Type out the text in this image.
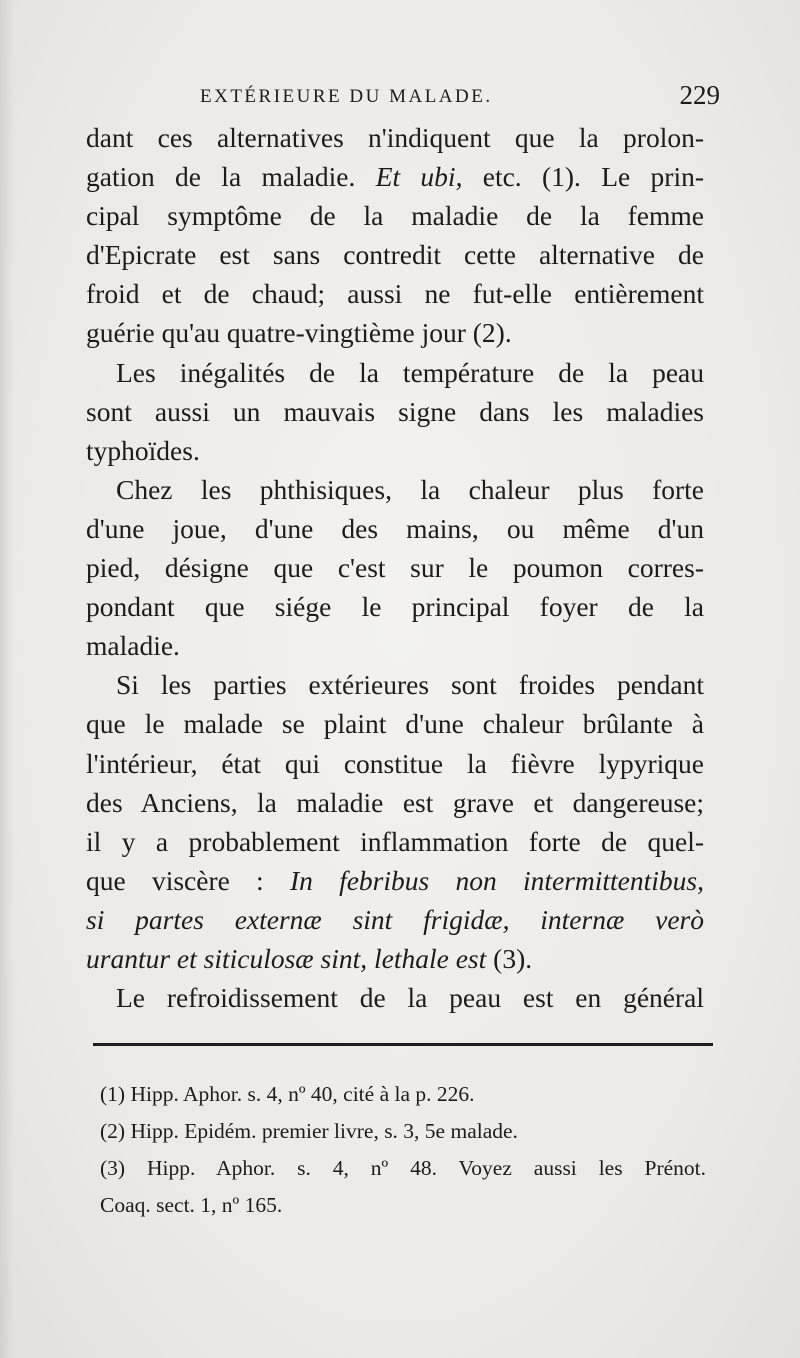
EXTÉRIEURE DU MALADE.	229
dant ces alternatives n'indiquent que la prolon-
gation de la maladie. Et ubi, etc. (1). Le prin-
cipal symptôme de la maladie de la femme
d'Epicrate est sans contredit cette alternative de
froid et de chaud; aussi ne fut-elle entièrement
guérie qu'au quatre-vingtième jour (2).
Les inégalités de la température de la peau
sont aussi un mauvais signe dans les maladies
typhoïdes.
Chez les phthisiques, la chaleur plus forte
d'une joue, d'une des mains, ou même d'un
pied, désigne que c'est sur le poumon corres-
pondant que siége le principal foyer de la
maladie.
Si les parties extérieures sont froides pendant
que le malade se plaint d'une chaleur brûlante à
l'intérieur, état qui constitue la fièvre lypyrique
des Anciens, la maladie est grave et dangereuse;
il y a probablement inflammation forte de quel-
que viscère : In febribus non intermittentibus,
si partes externæ sint frigidæ, internæ verò
urantur et siticulosæ sint, lethale est (3).
Le refroidissement de la peau est en général
(1) Hipp. Aphor. s. 4, nº 40, cité à la p. 226.
(2) Hipp. Epidém. premier livre, s. 3, 5e malade.
(3) Hipp. Aphor. s. 4, nº 48. Voyez aussi les Prénot.
Coaq. sect. 1, nº 165.
